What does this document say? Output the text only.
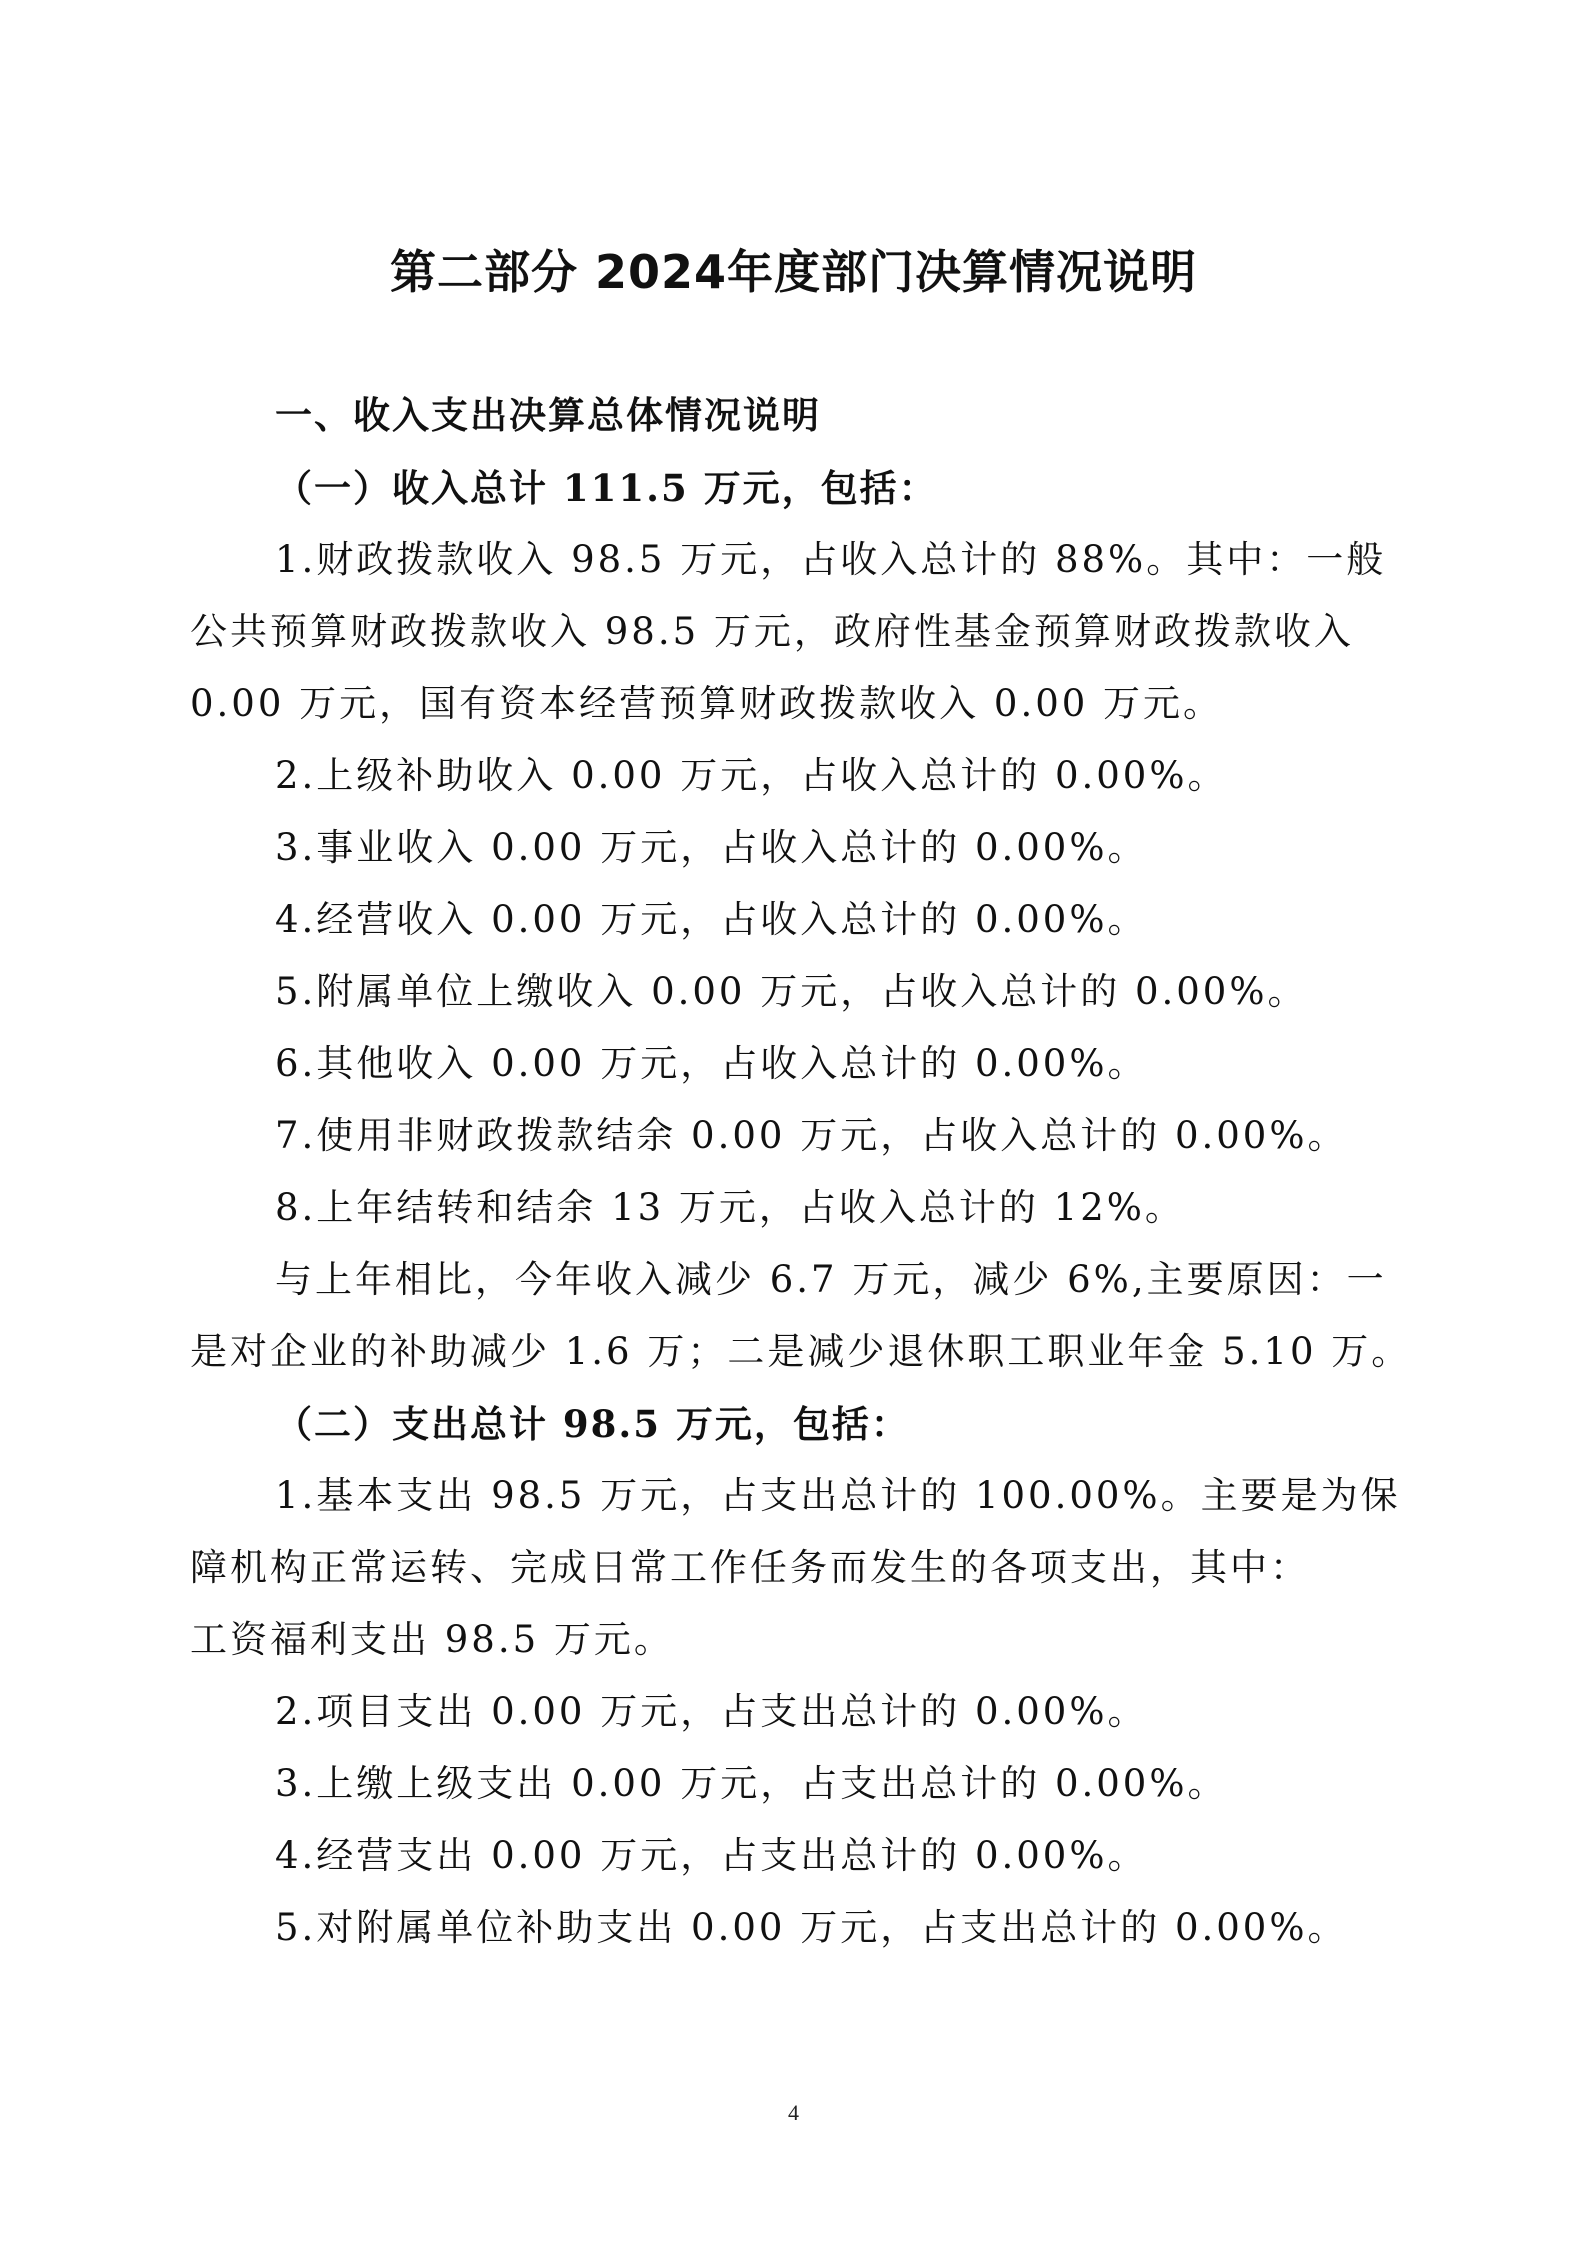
第二部分 2024年度部门决算情况说明
一、收入支出决算总体情况说明
（一）收入总计 111.5 万元，包括：
1.财政拨款收入 98.5 万元，占收入总计的 88%。其中：一般
公共预算财政拨款收入 98.5 万元，政府性基金预算财政拨款收入
0.00 万元，国有资本经营预算财政拨款收入 0.00 万元。
2.上级补助收入 0.00 万元，占收入总计的 0.00%。
3.事业收入 0.00 万元，占收入总计的 0.00%。
4.经营收入 0.00 万元，占收入总计的 0.00%。
5.附属单位上缴收入 0.00 万元，占收入总计的 0.00%。
6.其他收入 0.00 万元，占收入总计的 0.00%。
7.使用非财政拨款结余 0.00 万元，占收入总计的 0.00%。
8.上年结转和结余 13 万元，占收入总计的 12%。
与上年相比，今年收入减少 6.7 万元，减少 6%,主要原因：一
是对企业的补助减少 1.6 万；二是减少退休职工职业年金 5.10 万。
（二）支出总计 98.5 万元，包括：
1.基本支出 98.5 万元，占支出总计的 100.00%。主要是为保
障机构正常运转、完成日常工作任务而发生的各项支出，其中：
工资福利支出 98.5 万元。
2.项目支出 0.00 万元，占支出总计的 0.00%。
3.上缴上级支出 0.00 万元，占支出总计的 0.00%。
4.经营支出 0.00 万元，占支出总计的 0.00%。
5.对附属单位补助支出 0.00 万元，占支出总计的 0.00%。
4
